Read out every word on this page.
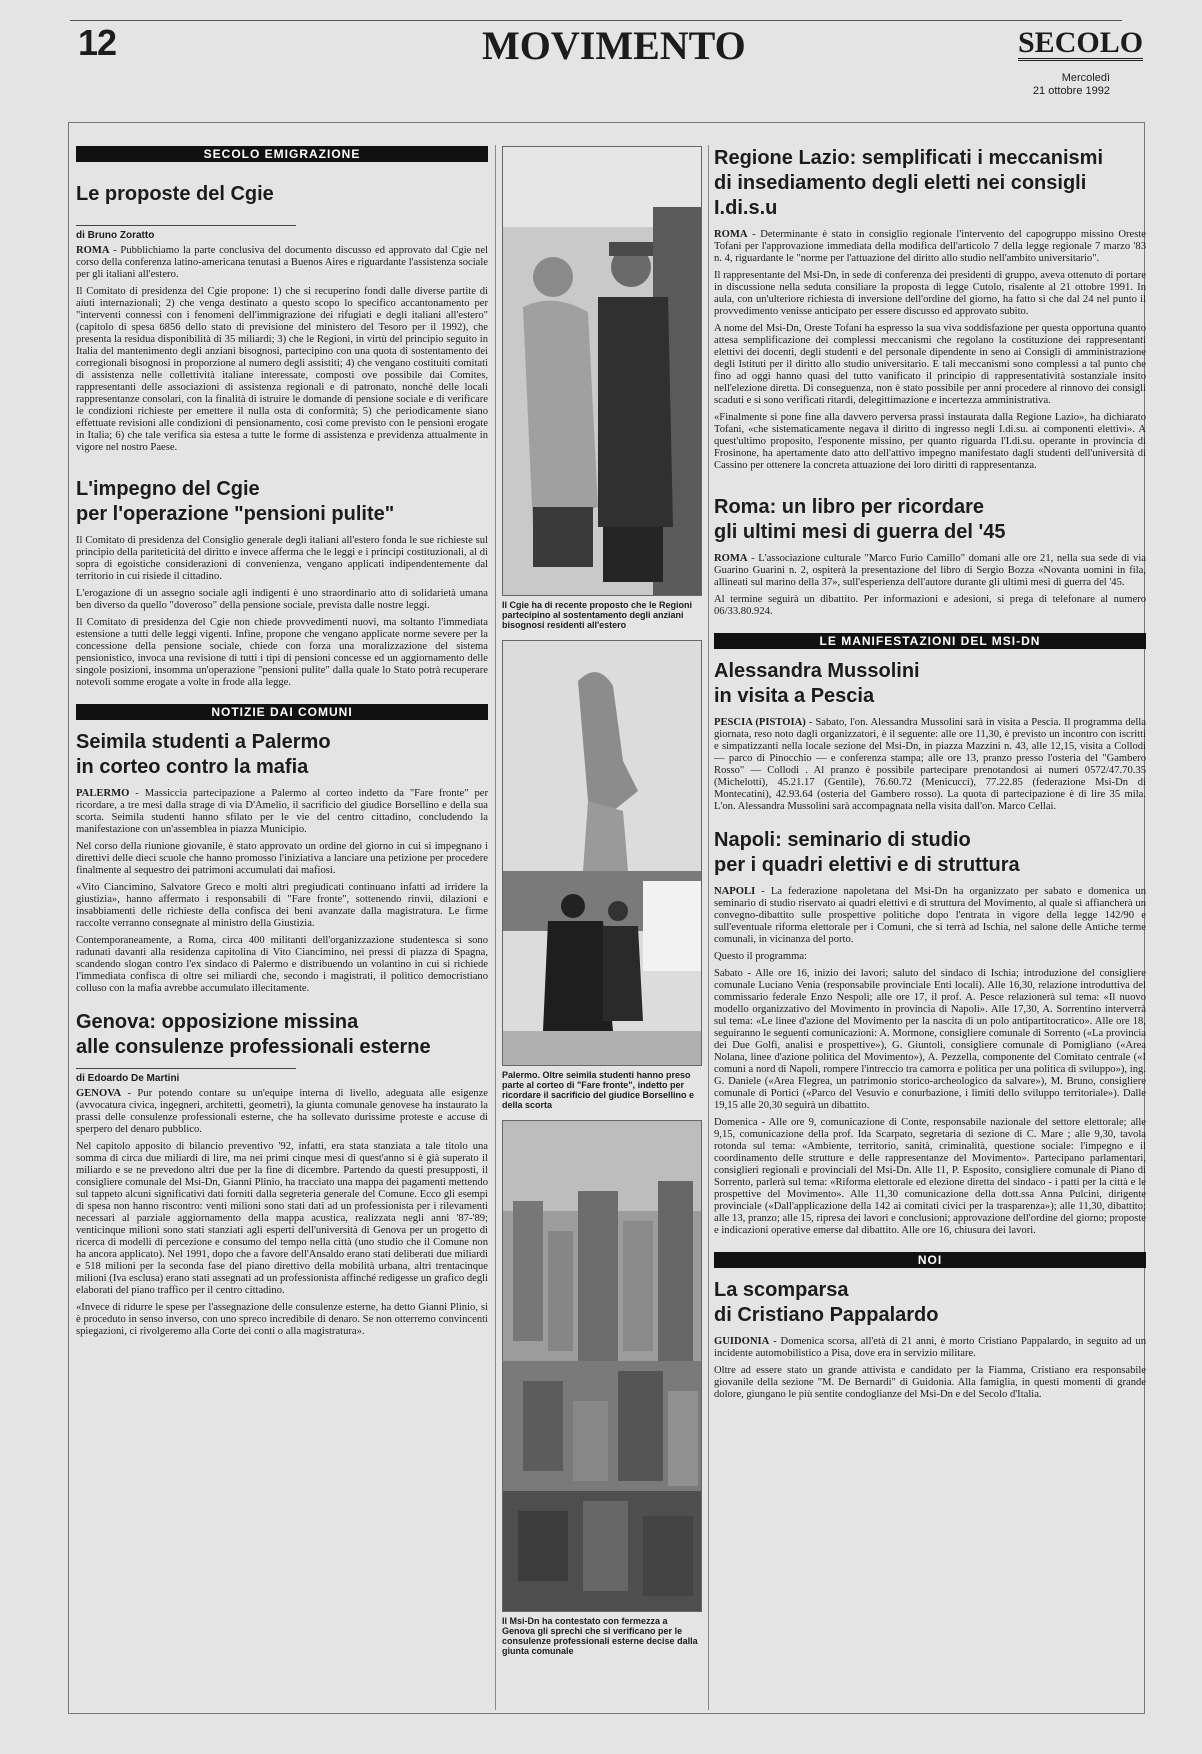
12	MOVIMENTO	SECOLO
Mercoledì
21 ottobre 1992
SECOLO EMIGRAZIONE
Le proposte del Cgie
di Bruno Zoratto

ROMA - Pubblichiamo la parte conclusiva del documento discusso ed approvato dal Cgie nel corso della conferenza latino-americana tenutasi a Buenos Aires e riguardante l'assistenza sociale per gli italiani all'estero.

Il Comitato di presidenza del Cgie propone: 1) che si recuperino fondi dalle diverse partite di aiuti internazionali; 2) che venga destinato a questo scopo lo specifico accantonamento per "interventi connessi con i fenomeni dell'immigrazione dei rifugiati e degli italiani all'estero" (capitolo di spesa 6856 dello stato di previsione del ministero del Tesoro per il 1992), che presenta la residua disponibilità di 35 miliardi; 3) che le Regioni, in virtù del principio seguito in Italia del mantenimento degli anziani bisognosi, partecipino con una quota di sostentamento dei corregionali bisognosi in proporzione al numero degli assistiti; 4) che vengano costituiti comitati di assistenza nelle collettività italiane interessate, composti ove possibile dai Comites, rappresentanti delle associazioni di assistenza regionali e di patronato, nonché delle locali rappresentanze consolari, con la finalità di istruire le domande di pensione sociale e di verificare le condizioni richieste per emettere il nulla osta di conformità; 5) che periodicamente siano effettuate revisioni alle condizioni di pensionamento, così come previsto con le pensioni erogate in Italia; 6) che tale verifica sia estesa a tutte le forme di assistenza e previdenza attualmente in vigore nel nostro Paese.

L'impegno del Cgie
per l'operazione "pensioni pulite"

Il Comitato di presidenza del Consiglio generale degli italiani all'estero fonda le sue richieste sul principio della pariteticità del diritto e invece afferma che le leggi e i principi costituzionali, al di sopra di egoistiche considerazioni di convenienza, vengano applicati indipendentemente dal territorio in cui risiede il cittadino.

L'erogazione di un assegno sociale agli indigenti è uno straordinario atto di solidarietà umana ben diverso da quello "doveroso" della pensione sociale, prevista dalle nostre leggi.

Il Comitato di presidenza del Cgie non chiede provvedimenti nuovi, ma soltanto l'immediata estensione a tutti delle leggi vigenti. Infine, propone che vengano applicate norme severe per la concessione della pensione sociale, chiede con forza una moralizzazione del sistema pensionistico, invoca una revisione di tutti i tipi di pensioni concesse ed un aggiornamento delle singole posizioni, insomma un'operazione "pensioni pulite" dalla quale lo Stato potrà recuperare notevoli somme erogate a volte in frode alla legge.

NOTIZIE DAI COMUNI
Seimila studenti a Palermo
in corteo contro la mafia

PALERMO - Massiccia partecipazione a Palermo al corteo indetto da "Fare fronte" per ricordare, a tre mesi dalla strage di via D'Amelio, il sacrificio del giudice Borsellino e della sua scorta. Seimila studenti hanno sfilato per le vie del centro cittadino, concludendo la manifestazione con un'assemblea in piazza Municipio.

Nel corso della riunione giovanile, è stato approvato un ordine del giorno in cui si impegnano i direttivi delle dieci scuole che hanno promosso l'iniziativa a lanciare una petizione per procedere finalmente al sequestro dei patrimoni accumulati dai mafiosi.

«Vito Ciancimino, Salvatore Greco e molti altri pregiudicati continuano infatti ad irridere la giustizia», hanno affermato i responsabili di "Fare fronte", sottenendo rinvii, dilazioni e insabbiamenti delle richieste della confisca dei beni avanzate dalla magistratura. Le firme raccolte verranno consegnate al ministro della Giustizia.

Contemporaneamente, a Roma, circa 400 militanti dell'organizzazione studentesca si sono radunati davanti alla residenza capitolina di Vito Ciancimino, nei pressi di piazza di Spagna, scandendo slogan contro l'ex sindaco di Palermo e distribuendo un volantino in cui si richiede l'immediata confisca di oltre sei miliardi che, secondo i magistrati, il politico democristiano colluso con la mafia avrebbe accumulato illecitamente.

Genova: opposizione missina
alle consulenze professionali esterne
di Edoardo De Martini

GENOVA - Pur potendo contare su un'equipe interna di livello, adeguata alle esigenze (avvocatura civica, ingegneri, architetti, geometri), la giunta comunale genovese ha instaurato la prassi delle consulenze professionali esterne, che ha sollevato durissime proteste e accuse di sperpero del denaro pubblico.

Nel capitolo apposito di bilancio preventivo '92, infatti, era stata stanziata a tale titolo una somma di circa due miliardi di lire, ma nei primi cinque mesi di quest'anno si è già superato il miliardo e se ne prevedono altri due per la fine di dicembre. Partendo da questi presupposti, il consigliere comunale del Msi-Dn, Gianni Plinio, ha tracciato una mappa dei pagamenti mettendo sul tappeto alcuni significativi dati forniti dalla segreteria generale del Comune. Ecco gli esempi di spesa non hanno riscontro: venti milioni sono stati dati ad un professionista per i rilevamenti necessari al parziale aggiornamento della mappa acustica, realizzata negli anni '87-'89; venticinque milioni sono stati stanziati agli esperti dell'università di Genova per un progetto di ricerca di modelli di percezione e consumo del tempo nella città (uno studio che il Comune non ha ancora applicato). Nel 1991, dopo che a favore dell'Ansaldo erano stati deliberati due miliardi e 518 milioni per la seconda fase del piano direttivo della mobilità urbana, altri trentacinque milioni (Iva esclusa) erano stati assegnati ad un professionista affinché redigesse un grafico degli elaborati del piano traffico per il centro cittadino.

«Invece di ridurre le spese per l'assegnazione delle consulenze esterne, ha detto Gianni Plinio, si è proceduto in senso inverso, con uno spreco incredibile di denaro. Se non otterremo convincenti spiegazioni, ci rivolgeremo alla Corte dei conti o alla magistratura».

Il Cgie ha di recente proposto che le Regioni partecipino al sostentamento degli anziani bisognosi residenti all'estero
Palermo. Oltre seimila studenti hanno preso parte al corteo di "Fare fronte", indetto per ricordare il sacrificio del giudice Borsellino e della scorta
Il Msi-Dn ha contestato con fermezza a Genova gli sprechi che si verificano per le consulenze professionali esterne decise dalla giunta comunale
Regione Lazio: semplificati i meccanismi
di insediamento degli eletti nei consigli I.di.s.u

ROMA - Determinante è stato in consiglio regionale l'intervento del capogruppo missino Oreste Tofani per l'approvazione immediata della modifica dell'articolo 7 della legge regionale 7 marzo '83 n. 4, riguardante le "norme per l'attuazione del diritto allo studio nell'ambito universitario".

Il rappresentante del Msi-Dn, in sede di conferenza dei presidenti di gruppo, aveva ottenuto di portare in discussione nella seduta consiliare la proposta di legge Cutolo, risalente al 21 ottobre 1991. In aula, con un'ulteriore richiesta di inversione dell'ordine del giorno, ha fatto sì che dal 24 nel punto il provvedimento venisse anticipato per essere discusso ed approvato subito.

A nome del Msi-Dn, Oreste Tofani ha espresso la sua viva soddisfazione per questa opportuna quanto attesa semplificazione dei complessi meccanismi che regolano la costituzione dei rappresentanti elettivi dei docenti, degli studenti e del personale dipendente in seno ai Consigli di amministrazione degli Istituti per il diritto allo studio universitario. E tali meccanismi sono complessi a tal punto che fino ad oggi hanno quasi del tutto vanificato il principio di rappresentatività sostanziale insito nell'elezione diretta. Di conseguenza, non è stato possibile per anni procedere al rinnovo dei consigli scaduti e si sono verificati ritardi, delegittimazione e incertezza amministrativa.

«Finalmente si pone fine alla davvero perversa prassi instaurata dalla Regione Lazio», ha dichiarato Tofani, «che sistematicamente negava il diritto di ingresso negli I.di.su. ai componenti elettivi». A quest'ultimo proposito, l'esponente missino, per quanto riguarda l'I.di.su. operante in provincia di Frosinone, ha apertamente dato atto dell'attivo impegno manifestato dagli studenti dell'università di Cassino per ottenere la concreta attuazione dei loro diritti di rappresentanza.

Roma: un libro per ricordare
gli ultimi mesi di guerra del '45

ROMA - L'associazione culturale "Marco Furio Camillo" domani alle ore 21, nella sua sede di via Guarino Guarini n. 2, ospiterà la presentazione del libro di Sergio Bozza «Novanta uomini in fila, allineati sul marino della 37», sull'esperienza dell'autore durante gli ultimi mesi di guerra del '45.

Al termine seguirà un dibattito. Per informazioni e adesioni, si prega di telefonare al numero 06/33.80.924.

LE MANIFESTAZIONI DEL MSI-DN
Alessandra Mussolini
in visita a Pescia

PESCIA (PISTOIA) - Sabato, l'on. Alessandra Mussolini sarà in visita a Pescia. Il programma della giornata, reso noto dagli organizzatori, è il seguente: alle ore 11,30, è previsto un incontro con iscritti e simpatizzanti nella locale sezione del Msi-Dn, in piazza Mazzini n. 43, alle 12,15, visita a Collodi — parco di Pinocchio — e conferenza stampa; alle ore 13, pranzo presso l'osteria del "Gambero Rosso" — Collodi . Al pranzo è possibile partecipare prenotandosi ai numeri 0572/47.70.35 (Michelotti), 45.21.17 (Gentile), 76.60.72 (Menicucci), 77.22.85 (federazione Msi-Dn di Montecatini), 42.93.64 (osteria del Gambero rosso). La quota di partecipazione è di lire 35 mila. L'on. Alessandra Mussolini sarà accompagnata nella visita dall'on. Marco Cellai.

Napoli: seminario di studio
per i quadri elettivi e di struttura

NAPOLI - La federazione napoletana del Msi-Dn ha organizzato per sabato e domenica un seminario di studio riservato ai quadri elettivi e di struttura del Movimento, al quale si affiancherà un convegno-dibattito sulle prospettive politiche dopo l'entrata in vigore della legge 142/90 e sull'eventuale riforma elettorale per i Comuni, che si terrà ad Ischia, nel salone delle Antiche terme comunali, in vicinanza del porto.

Questo il programma:

Sabato - Alle ore 16, inizio dei lavori; saluto del sindaco di Ischia; introduzione del consigliere comunale Luciano Venia (responsabile provinciale Enti locali). Alle 16,30, relazione introduttiva del commissario federale Enzo Nespoli; alle ore 17, il prof. A. Pesce relazionerà sul tema: «Il nuovo modello organizzativo del Movimento in provincia di Napoli». Alle 17,30, A. Sorrentino interverrà sul tema: «Le linee d'azione del Movimento per la nascita di un polo antipartitocratico». Alle ore 18, seguiranno le seguenti comunicazioni: A. Mormone, consigliere comunale di Sorrento («La provincia dei Due Golfi, analisi e prospettive»), G. Giuntoli, consigliere comunale di Pomigliano («Area Nolana, linee d'azione politica del Movimento»), A. Pezzella, componente del Comitato centrale («I comuni a nord di Napoli, rompere l'intreccio tra camorra e politica per una politica di sviluppo»), ing. G. Daniele («Area Flegrea, un patrimonio storico-archeologico da salvare»), M. Bruno, consigliere comunale di Portici («Parco del Vesuvio e conurbazione, i limiti dello sviluppo territoriale»). Dalle 19,15 alle 20,30 seguirà un dibattito.

Domenica - Alle ore 9, comunicazione di Conte, responsabile nazionale del settore elettorale; alle 9,15, comunicazione della prof. Ida Scarpato, segretaria di sezione di C. Mare ; alle 9,30, tavola rotonda sul tema: «Ambiente, territorio, sanità, criminalità, questione sociale: l'impegno e il coordinamento delle strutture e delle rappresentanze del Movimento». Partecipano parlamentari, consiglieri regionali e provinciali del Msi-Dn. Alle 11, P. Esposito, consigliere comunale di Piano di Sorrento, parlerà sul tema: «Riforma elettorale ed elezione diretta del sindaco - i patti per la città e le prospettive del Movimento». Alle 11,30 comunicazione della dott.ssa Anna Pulcini, dirigente provinciale («Dall'applicazione della 142 ai comitati civici per la trasparenza»); alle 11,30, dibattito; alle 13, pranzo; alle 15, ripresa dei lavori e conclusioni; approvazione dell'ordine del giorno; proposte e indicazioni operative emerse dal dibattito. Alle ore 16, chiusura dei lavori.

NOI
La scomparsa
di Cristiano Pappalardo

GUIDONIA - Domenica scorsa, all'età di 21 anni, è morto Cristiano Pappalardo, in seguito ad un incidente automobilistico a Pisa, dove era in servizio militare.

Oltre ad essere stato un grande attivista e candidato per la Fiamma, Cristiano era responsabile giovanile della sezione "M. De Bernardi" di Guidonia. Alla famiglia, in questi momenti di grande dolore, giungano le più sentite condoglianze del Msi-Dn e del Secolo d'Italia.
